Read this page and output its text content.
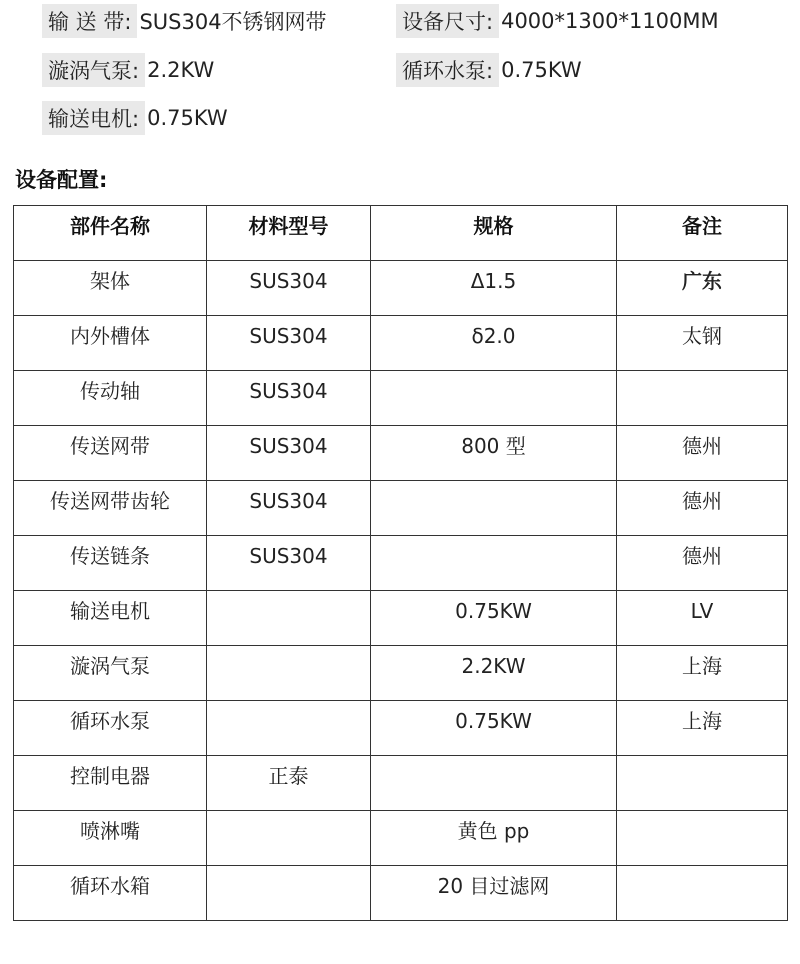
输 送 带: SUS304不锈钢网带	设备尺寸: 4000*1300*1100MM
漩涡气泵: 2.2KW	循环水泵: 0.75KW
输送电机: 0.75KW
设备配置:
部件名称	材料型号	规格	备注
架体	SUS304	Δ1.5	广东
内外槽体	SUS304	δ2.0	太钢
传动轴	SUS304		
传送网带	SUS304	800 型	德州
传送网带齿轮	SUS304		德州
传送链条	SUS304		德州
输送电机		0.75KW	LV
漩涡气泵		2.2KW	上海
循环水泵		0.75KW	上海
控制电器	正泰		
喷淋嘴		黄色 pp	
循环水箱		20 目过滤网	
